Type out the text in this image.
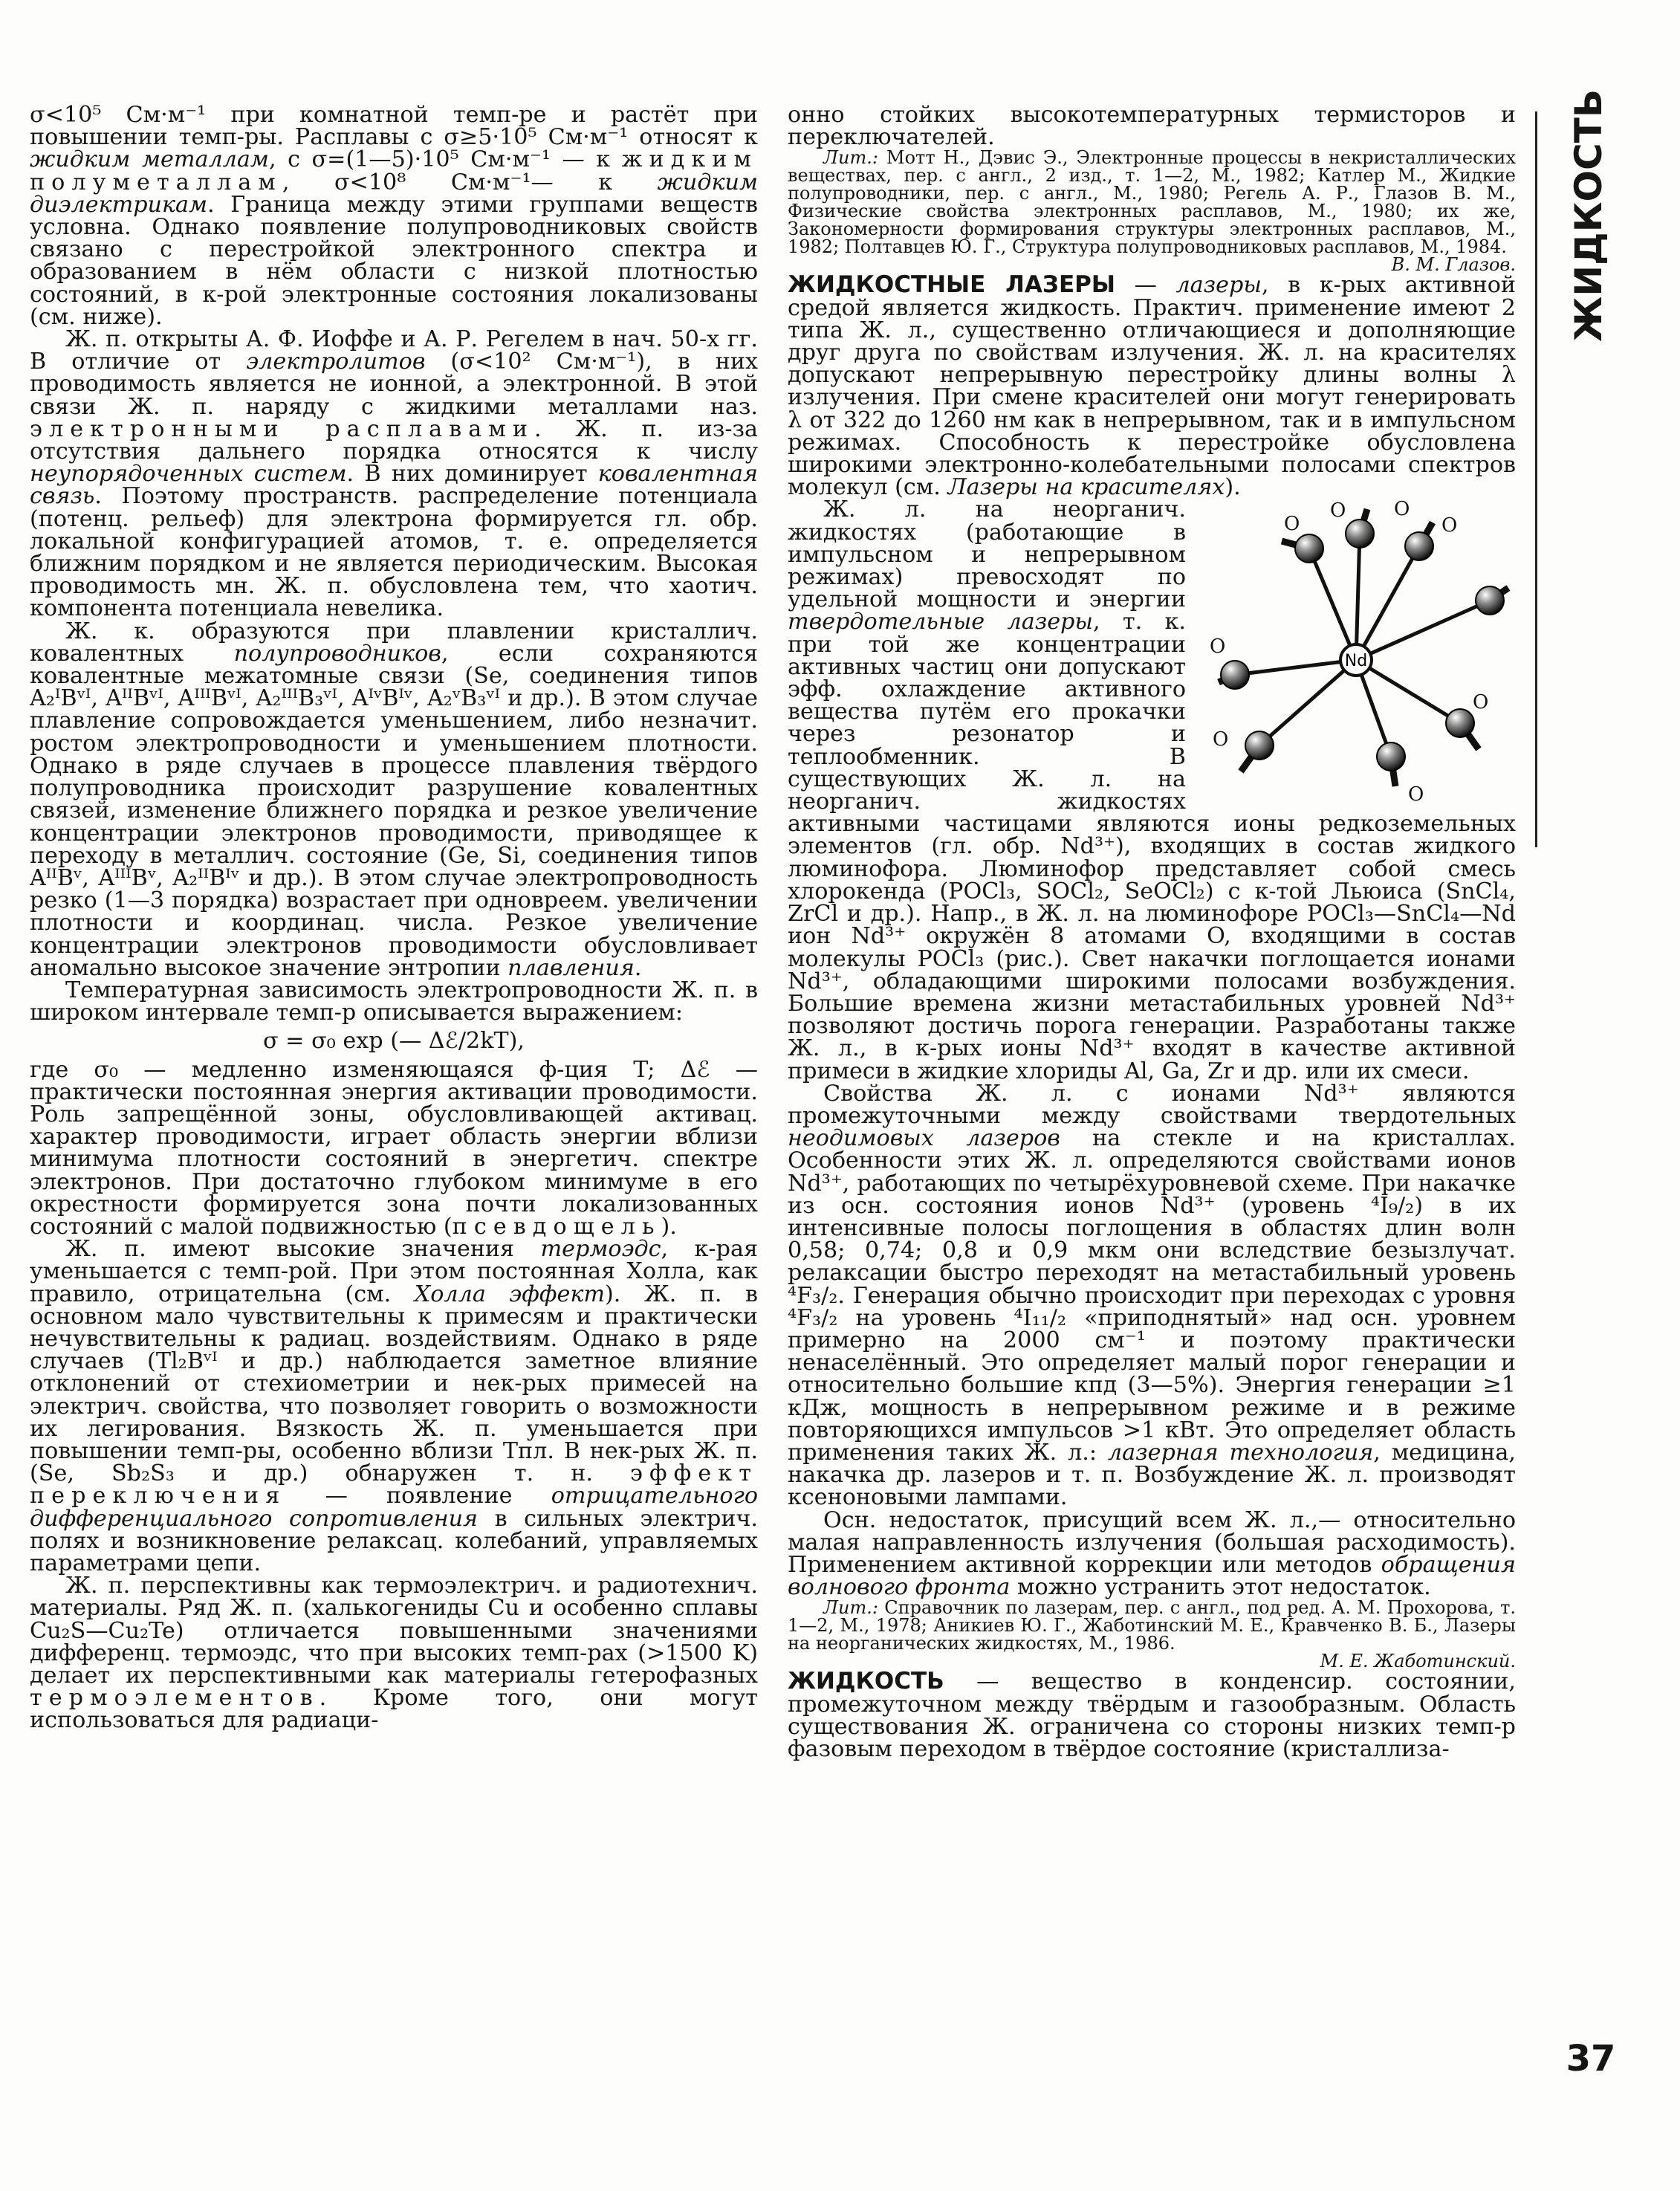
σ<10⁵ См·м⁻¹ при комнатной темп-ре и растёт при повышении темп-ры. Расплавы с σ≥5·10⁵ См·м⁻¹ относят к жидким металлам, с σ=(1—5)·10⁵ См·м⁻¹ — к жидким полуметаллам, σ<10⁸ См·м⁻¹— к жидким диэлектрикам. Граница между этими группами веществ условна. Однако появление полупроводниковых свойств связано с перестройкой электронного спектра и образованием в нём области с низкой плотностью состояний, в к-рой электронные состояния локализованы (см. ниже).

Ж. п. открыты А. Ф. Иоффе и А. Р. Регелем в нач. 50-х гг. В отличие от электролитов (σ<10² См·м⁻¹), в них проводимость является не ионной, а электронной. В этой связи Ж. п. наряду с жидкими металлами наз. электронными расплавами. Ж. п. из-за отсутствия дальнего порядка относятся к числу неупорядоченных систем. В них доминирует ковалентная связь. Поэтому пространств. распределение потенциала (потенц. рельеф) для электрона формируется гл. обр. локальной конфигурацией атомов, т. е. определяется ближним порядком и не является периодическим. Высокая проводимость мн. Ж. п. обусловлена тем, что хаотич. компонента потенциала невелика.

Ж. к. образуются при плавлении кристаллич. ковалентных полупроводников, если сохраняются ковалентные межатомные связи (Se, соединения типов A₂ᴵBᵛᴵ, AᴵᴵBᵛᴵ, AᴵᴵᴵBᵛᴵ, A₂ᴵᴵᴵB₃ᵛᴵ, AᴵᵛBᴵᵛ, A₂ᵛB₃ᵛᴵ и др.). В этом случае плавление сопровождается уменьшением, либо незначит. ростом электропроводности и уменьшением плотности. Однако в ряде случаев в процессе плавления твёрдого полупроводника происходит разрушение ковалентных связей, изменение ближнего порядка и резкое увеличение концентрации электронов проводимости, приводящее к переходу в металлич. состояние (Ge, Si, соединения типов AᴵᴵBᵛ, AᴵᴵᴵBᵛ, A₂ᴵᴵBᴵᵛ и др.). В этом случае электропроводность резко (1—3 порядка) возрастает при одновреем. увеличении плотности и координац. числа. Резкое увеличение концентрации электронов проводимости обусловливает аномально высокое значение энтропии плавления.

Температурная зависимость электропроводности Ж. п. в широком интервале темп-р описывается выражением:

σ = σ₀ exp (— Δℰ/2kT),

где σ₀ — медленно изменяющаяся ф-ция T; Δℰ — практически постоянная энергия активации проводимости. Роль запрещённой зоны, обусловливающей активац. характер проводимости, играет область энергии вблизи минимума плотности состояний в энергетич. спектре электронов. При достаточно глубоком минимуме в его окрестности формируется зона почти локализованных состояний с малой подвижностью (псевдощель).

Ж. п. имеют высокие значения термоэдс, к-рая уменьшается с темп-рой. При этом постоянная Холла, как правило, отрицательна (см. Холла эффект). Ж. п. в основном мало чувствительны к примесям и практически нечувствительны к радиац. воздействиям. Однако в ряде случаев (Tl₂Bᵛᴵ и др.) наблюдается заметное влияние отклонений от стехиометрии и нек-рых примесей на электрич. свойства, что позволяет говорить о возможности их легирования. Вязкость Ж. п. уменьшается при повышении темп-ры, особенно вблизи Tпл. В нек-рых Ж. п. (Se, Sb₂S₃ и др.) обнаружен т. н. эффект переключения — появление отрицательного дифференциального сопротивления в сильных электрич. полях и возникновение релаксац. колебаний, управляемых параметрами цепи.

Ж. п. перспективны как термоэлектрич. и радиотехнич. материалы. Ряд Ж. п. (халькогениды Cu и особенно сплавы Cu₂S—Cu₂Te) отличается повышенными значениями дифференц. термоэдс, что при высоких темп-рах (>1500 K) делает их перспективными как материалы гетерофазных термоэлементов. Кроме того, они могут использоваться для радиаци-

онно стойких высокотемпературных термисторов и переключателей.

Лит.: Мотт Н., Дэвис Э., Электронные процессы в некристаллических веществах, пер. с англ., 2 изд., т. 1—2, М., 1982; Катлер М., Жидкие полупроводники, пер. с англ., М., 1980; Регель А. Р., Глазов В. М., Физические свойства электронных расплавов, М., 1980; их же, Закономерности формирования структуры электронных расплавов, М., 1982; Полтавцев Ю. Г., Структура полупроводниковых расплавов, М., 1984.

В. М. Глазов.

ЖИДКОСТНЫЕ ЛАЗЕРЫ — лазеры, в к-рых активной средой является жидкость. Практич. применение имеют 2 типа Ж. л., существенно отличающиеся и дополняющие друг друга по свойствам излучения. Ж. л. на красителях допускают непрерывную перестройку длины волны λ излучения. При смене красителей они могут генерировать λ от 322 до 1260 нм как в непрерывном, так и в импульсном режимах. Способность к перестройке обусловлена широкими электронно-колебательными полосами спектров молекул (см. Лазеры на красителях).

Nd
O
O O
O
O
O
O
O
Ж. л. на неорганич. жидкостях (работающие в импульсном и непрерывном режимах) превосходят по удельной мощности и энергии твердотельные лазеры, т. к. при той же концентрации активных частиц они допускают эфф. охлаждение активного вещества путём его прокачки через резонатор и теплообменник. В существующих Ж. л. на неорганич. жидкостях активными частицами являются ионы редкоземельных элементов (гл. обр. Nd³⁺), входящих в состав жидкого люминофора. Люминофор представляет собой смесь хлорокенда (POCl₃, SOCl₂, SeOCl₂) с к-той Льюиса (SnCl₄, ZrCl и др.). Напр., в Ж. л. на люминофоре POCl₃—SnCl₄—Nd ион Nd³⁺ окружён 8 атомами O, входящими в состав молекулы POCl₃ (рис.). Свет накачки поглощается ионами Nd³⁺, обладающими широкими полосами возбуждения. Большие времена жизни метастабильных уровней Nd³⁺ позволяют достичь порога генерации. Разработаны также Ж. л., в к-рых ионы Nd³⁺ входят в качестве активной примеси в жидкие хлориды Al, Ga, Zr и др. или их смеси.

Свойства Ж. л. с ионами Nd³⁺ являются промежуточными между свойствами твердотельных неодимовых лазеров на стекле и на кристаллах. Особенности этих Ж. л. определяются свойствами ионов Nd³⁺, работающих по четырёхуровневой схеме. При накачке из осн. состояния ионов Nd³⁺ (уровень ⁴I₉/₂) в их интенсивные полосы поглощения в областях длин волн 0,58; 0,74; 0,8 и 0,9 мкм они вследствие безызлучат. релаксации быстро переходят на метастабильный уровень ⁴F₃/₂. Генерация обычно происходит при переходах с уровня ⁴F₃/₂ на уровень ⁴I₁₁/₂ «приподнятый» над осн. уровнем примерно на 2000 см⁻¹ и поэтому практически ненаселённый. Это определяет малый порог генерации и относительно большие кпд (3—5%). Энергия генерации ≥1 кДж, мощность в непрерывном режиме и в режиме повторяющихся импульсов >1 кВт. Это определяет область применения таких Ж. л.: лазерная технология, медицина, накачка др. лазеров и т. п. Возбуждение Ж. л. производят ксеноновыми лампами.

Осн. недостаток, присущий всем Ж. л.,— относительно малая направленность излучения (большая расходимость). Применением активной коррекции или методов обращения волнового фронта можно устранить этот недостаток.

Лит.: Справочник по лазерам, пер. с англ., под ред. А. М. Прохорова, т. 1—2, М., 1978; Аникиев Ю. Г., Жаботинский М. Е., Кравченко В. Б., Лазеры на неорганических жидкостях, М., 1986.

М. Е. Жаботинский.

ЖИДКОСТЬ — вещество в конденсир. состоянии, промежуточном между твёрдым и газообразным. Область существования Ж. ограничена со стороны низких темп-р фазовым переходом в твёрдое состояние (кристаллиза-

ЖИДКОСТЬ
37
